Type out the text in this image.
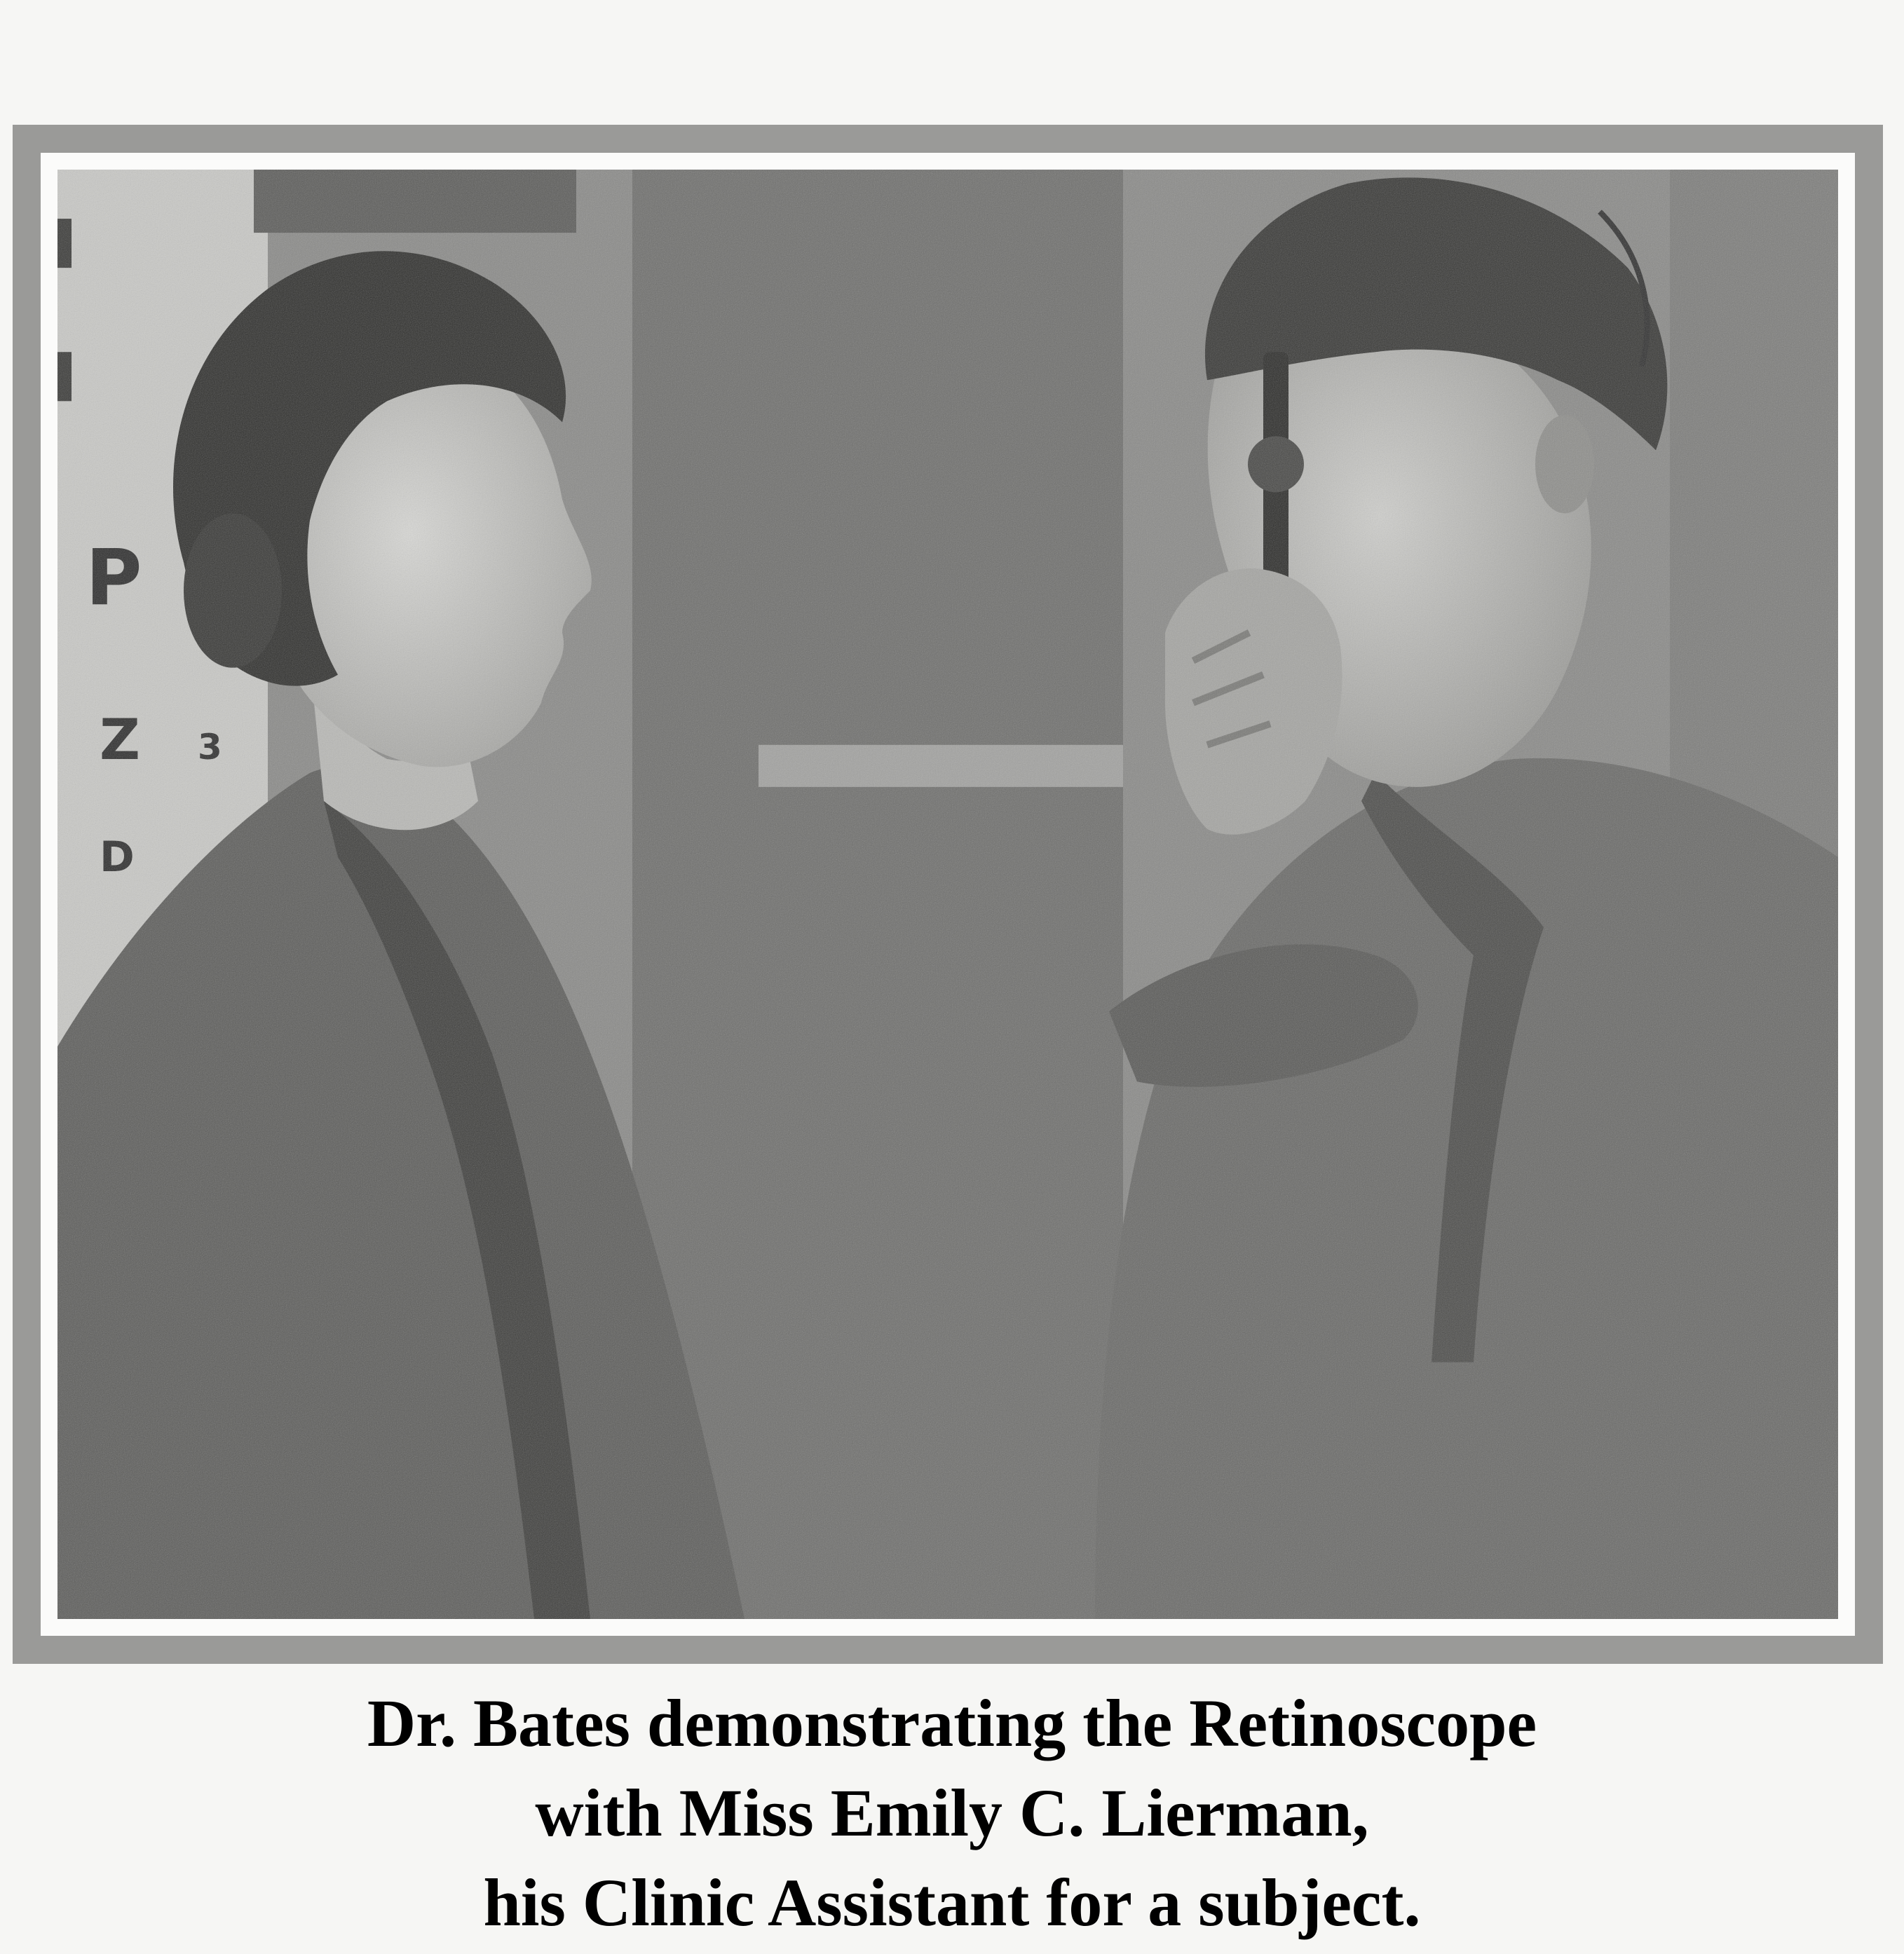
Dr. Bates demonstrating the Retinoscope
with Miss Emily C. Lierman,
his Clinic Assistant for a subject.
